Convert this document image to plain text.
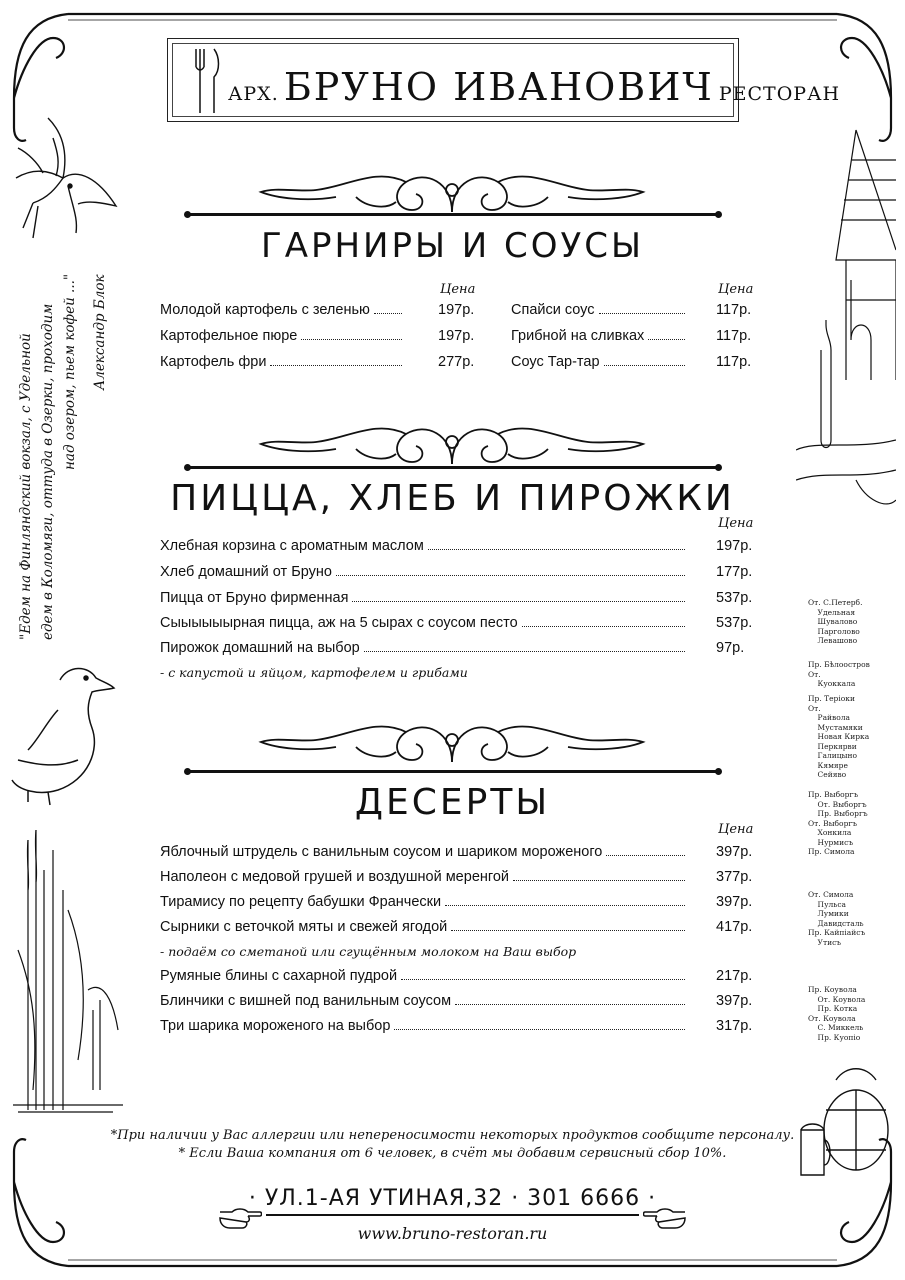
АРХ. БРУНО ИВАНОВИЧ РЕСТОРАН
"Едем на Финляндский вокзал, с Удельной едем в Коломяги, оттуда в Озерки, проходим над озером, пьем кофей ..." Александр Блок
От. С.Петерб.
Удельная
Шувалово
Парголово
Левашово
Пр. Бѣлоостров
От.
Куоккала
Пр. Терiоки
От.
Райвола
Мустамяки
Новая Кирка
Перкярви
Галицыно
Кямяре
Сейяво
Пр. Выборгъ
От. Выборгъ
Пр. Выборгъ
От. Выборгъ
Хонкила
Нурмисъ
Пр. Симола
От. Симола
Пульса
Лумики
Давидсталь
Пр. Кайпiайсъ
Утисъ
Пр. Коувола
От. Коувола
Пр. Котка
От. Коувола
С. Миккель
Пр. Куопiо
ГАРНИРЫ И СОУСЫ
Цена	Цена
Молодой картофель с зеленью	197р.
Картофельное пюре	197р.
Картофель фри	277р.
Спайси соус	117р.
Грибной на сливках	117р.
Соус Тар-тар	117р.
ПИЦЦА, ХЛЕБ И ПИРОЖКИ
Цена
Хлебная корзина с ароматным маслом	197р.
Хлеб домашний от Бруно	177р.
Пицца от Бруно фирменная	537р.
Сыыыыыырная пицца, аж на 5 сырах с соусом песто	537р.
Пирожок домашний на выбор	97р.
- с капустой и яйцом, картофелем и грибами
ДЕСЕРТЫ
Цена
Яблочный штрудель с ванильным соусом и шариком мороженого	397р.
Наполеон с медовой грушей и воздушной меренгой	377р.
Тирамису по рецепту бабушки Франчески	397р.
Сырники с веточкой мяты и свежей ягодой	417р.
- подаём со сметаной или сгущённым молоком на Ваш выбор
Румяные блины с сахарной пудрой	217р.
Блинчики с вишней под ванильным соусом	397р.
Три шарика мороженого на выбор	317р.
*При наличии у Вас аллергии или непереносимости некоторых продуктов сообщите персоналу.
* Если Ваша компания от 6 человек, в счёт мы добавим сервисный сбор 10%.
· УЛ.1-АЯ УТИНАЯ,32 · 301 6666 ·
www.bruno-restoran.ru
